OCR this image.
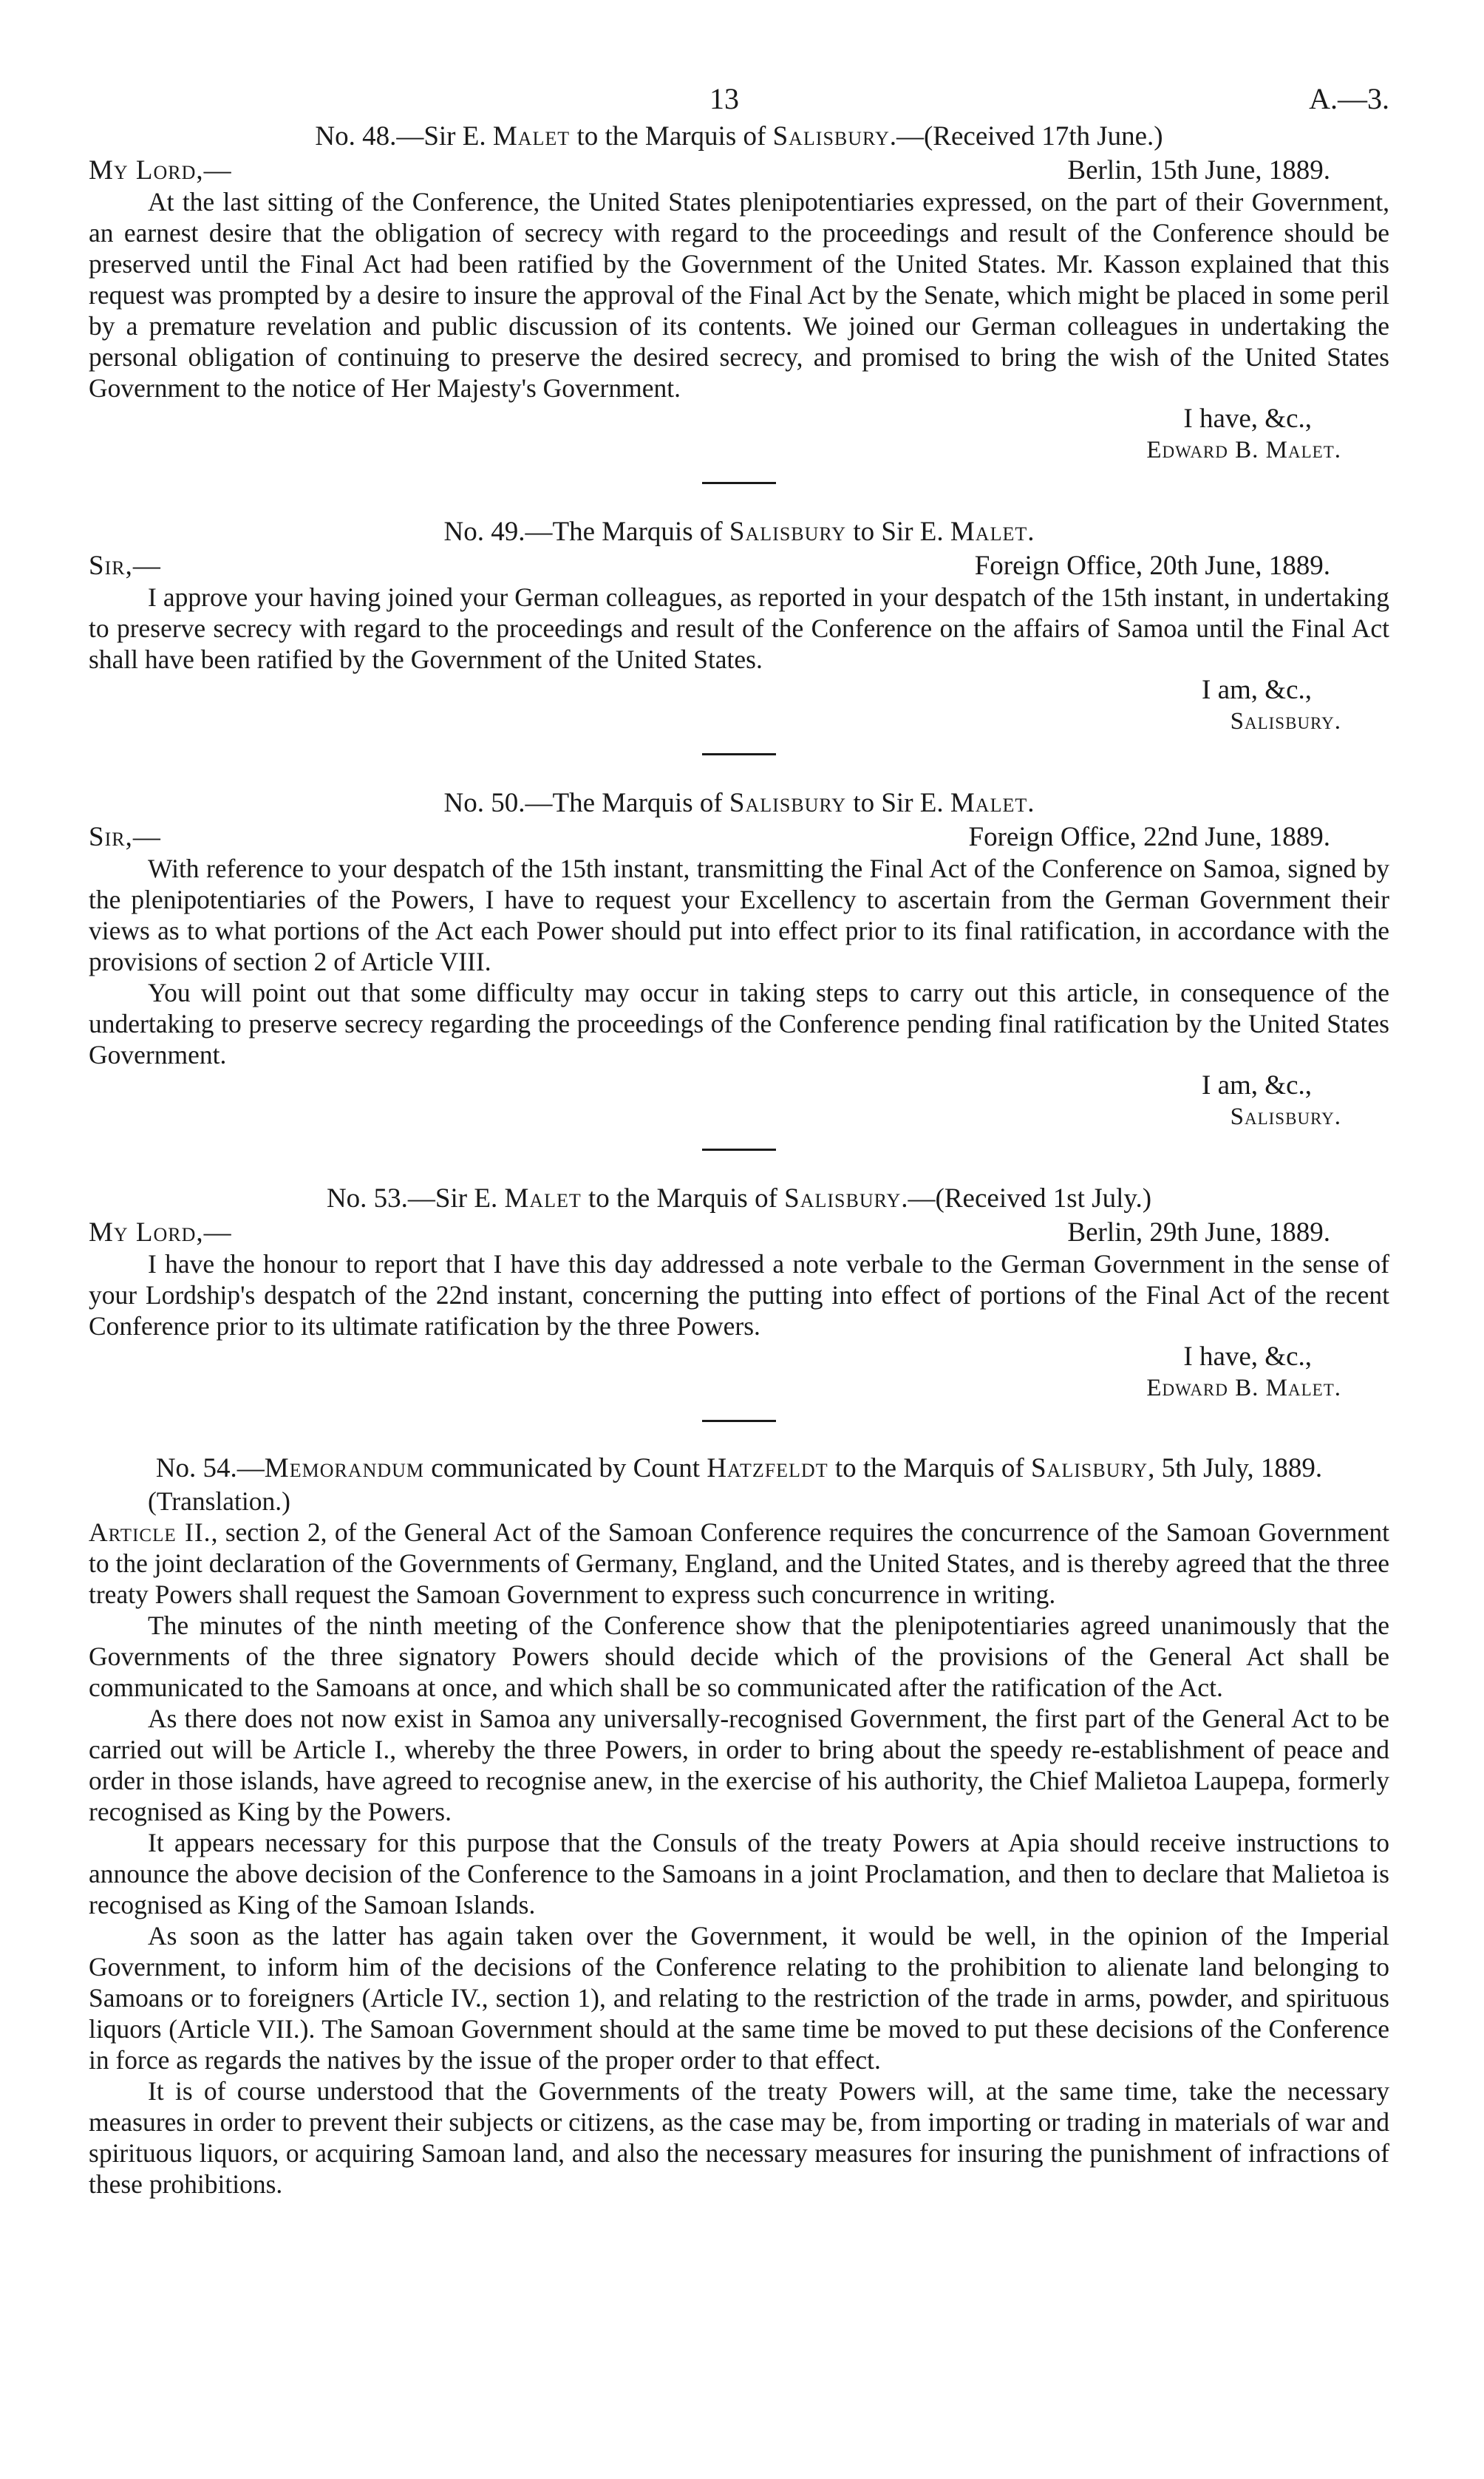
13	A.—3.

No. 48.—Sir E. Malet to the Marquis of Salisbury.—(Received 17th June.)

My Lord,—	Berlin, 15th June, 1889.

At the last sitting of the Conference, the United States plenipotentiaries expressed, on the part of their Government, an earnest desire that the obligation of secrecy with regard to the proceedings and result of the Conference should be preserved until the Final Act had been ratified by the Government of the United States. Mr. Kasson explained that this request was prompted by a desire to insure the approval of the Final Act by the Senate, which might be placed in some peril by a premature revelation and public discussion of its contents. We joined our German colleagues in undertaking the personal obligation of continuing to preserve the desired secrecy, and promised to bring the wish of the United States Government to the notice of Her Majesty's Government.

I have, &c.,
Edward B. Malet.

No. 49.—The Marquis of Salisbury to Sir E. Malet.

Sir,—	Foreign Office, 20th June, 1889.

I approve your having joined your German colleagues, as reported in your despatch of the 15th instant, in undertaking to preserve secrecy with regard to the proceedings and result of the Conference on the affairs of Samoa until the Final Act shall have been ratified by the Government of the United States.

I am, &c.,
Salisbury.

No. 50.—The Marquis of Salisbury to Sir E. Malet.

Sir,—	Foreign Office, 22nd June, 1889.

With reference to your despatch of the 15th instant, transmitting the Final Act of the Conference on Samoa, signed by the plenipotentiaries of the Powers, I have to request your Excellency to ascertain from the German Government their views as to what portions of the Act each Power should put into effect prior to its final ratification, in accordance with the provisions of section 2 of Article VIII.

You will point out that some difficulty may occur in taking steps to carry out this article, in consequence of the undertaking to preserve secrecy regarding the proceedings of the Conference pending final ratification by the United States Government.

I am, &c.,
Salisbury.

No. 53.—Sir E. Malet to the Marquis of Salisbury.—(Received 1st July.)

My Lord,—	Berlin, 29th June, 1889.

I have the honour to report that I have this day addressed a note verbale to the German Government in the sense of your Lordship's despatch of the 22nd instant, concerning the putting into effect of portions of the Final Act of the recent Conference prior to its ultimate ratification by the three Powers.

I have, &c.,
Edward B. Malet.

No. 54.—Memorandum communicated by Count Hatzfeldt to the Marquis of Salisbury, 5th July, 1889.

(Translation.)

Article II., section 2, of the General Act of the Samoan Conference requires the concurrence of the Samoan Government to the joint declaration of the Governments of Germany, England, and the United States, and is thereby agreed that the three treaty Powers shall request the Samoan Government to express such concurrence in writing.

The minutes of the ninth meeting of the Conference show that the plenipotentiaries agreed unanimously that the Governments of the three signatory Powers should decide which of the provisions of the General Act shall be communicated to the Samoans at once, and which shall be so communicated after the ratification of the Act.

As there does not now exist in Samoa any universally-recognised Government, the first part of the General Act to be carried out will be Article I., whereby the three Powers, in order to bring about the speedy re-establishment of peace and order in those islands, have agreed to recognise anew, in the exercise of his authority, the Chief Malietoa Laupepa, formerly recognised as King by the Powers.

It appears necessary for this purpose that the Consuls of the treaty Powers at Apia should receive instructions to announce the above decision of the Conference to the Samoans in a joint Proclamation, and then to declare that Malietoa is recognised as King of the Samoan Islands.

As soon as the latter has again taken over the Government, it would be well, in the opinion of the Imperial Government, to inform him of the decisions of the Conference relating to the prohibition to alienate land belonging to Samoans or to foreigners (Article IV., section 1), and relating to the restriction of the trade in arms, powder, and spirituous liquors (Article VII.). The Samoan Government should at the same time be moved to put these decisions of the Conference in force as regards the natives by the issue of the proper order to that effect.

It is of course understood that the Governments of the treaty Powers will, at the same time, take the necessary measures in order to prevent their subjects or citizens, as the case may be, from importing or trading in materials of war and spirituous liquors, or acquiring Samoan land, and also the necessary measures for insuring the punishment of infractions of these prohibitions.
